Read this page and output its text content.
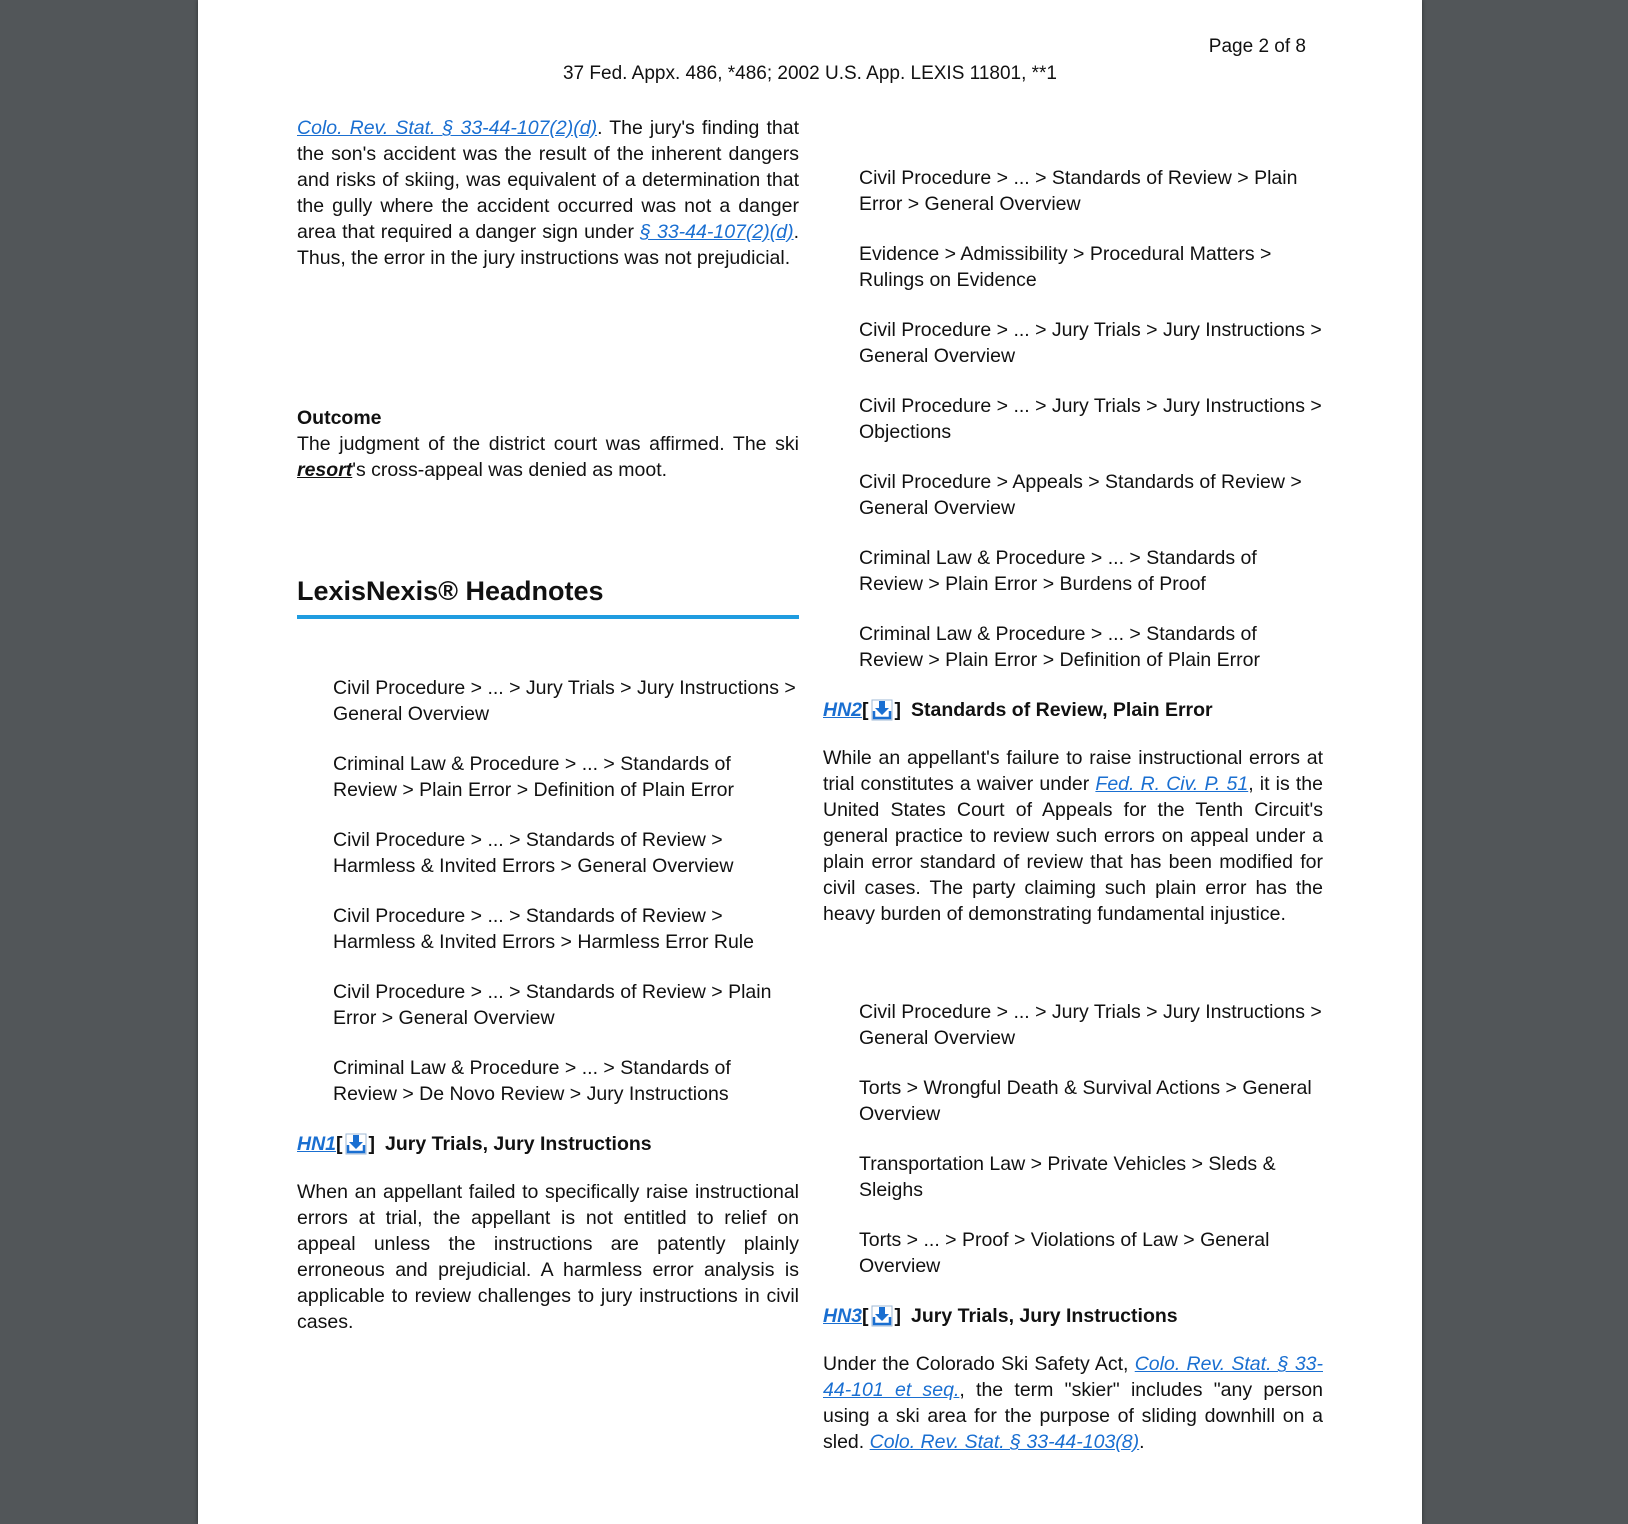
Page 2 of 8
37 Fed. Appx. 486, *486; 2002 U.S. App. LEXIS 11801, **1

Colo. Rev. Stat. § 33-44-107(2)(d). The jury's finding that the son's accident was the result of the inherent dangers and risks of skiing, was equivalent of a determination that the gully where the accident occurred was not a danger area that required a danger sign under § 33-44-107(2)(d). Thus, the error in the jury instructions was not prejudicial.

Outcome

The judgment of the district court was affirmed. The ski resort's cross-appeal was denied as moot.

LexisNexis® Headnotes
Civil Procedure > ... > Jury Trials > Jury Instructions > General Overview
Criminal Law & Procedure > ... > Standards of Review > Plain Error > Definition of Plain Error
Civil Procedure > ... > Standards of Review > Harmless & Invited Errors > General Overview
Civil Procedure > ... > Standards of Review > Harmless & Invited Errors > Harmless Error Rule
Civil Procedure > ... > Standards of Review > Plain Error > General Overview
Criminal Law & Procedure > ... > Standards of Review > De Novo Review > Jury Instructions
HN1 [ ] Jury Trials, Jury Instructions

When an appellant failed to specifically raise instructional errors at trial, the appellant is not entitled to relief on appeal unless the instructions are patently plainly erroneous and prejudicial. A harmless error analysis is applicable to review challenges to jury instructions in civil cases.

Civil Procedure > ... > Standards of Review > Plain Error > General Overview
Evidence > Admissibility > Procedural Matters > Rulings on Evidence
Civil Procedure > ... > Jury Trials > Jury Instructions > General Overview
Civil Procedure > ... > Jury Trials > Jury Instructions > Objections
Civil Procedure > Appeals > Standards of Review > General Overview
Criminal Law & Procedure > ... > Standards of Review > Plain Error > Burdens of Proof
Criminal Law & Procedure > ... > Standards of Review > Plain Error > Definition of Plain Error
HN2 [ ] Standards of Review, Plain Error

While an appellant's failure to raise instructional errors at trial constitutes a waiver under Fed. R. Civ. P. 51, it is the United States Court of Appeals for the Tenth Circuit's general practice to review such errors on appeal under a plain error standard of review that has been modified for civil cases. The party claiming such plain error has the heavy burden of demonstrating fundamental injustice.

Civil Procedure > ... > Jury Trials > Jury Instructions > General Overview
Torts > Wrongful Death & Survival Actions > General Overview
Transportation Law > Private Vehicles > Sleds & Sleighs
Torts > ... > Proof > Violations of Law > General Overview
HN3 [ ] Jury Trials, Jury Instructions

Under the Colorado Ski Safety Act, Colo. Rev. Stat. § 33-44-101 et seq., the term "skier" includes "any person using a ski area for the purpose of sliding downhill on a sled. Colo. Rev. Stat. § 33-44-103(8).
